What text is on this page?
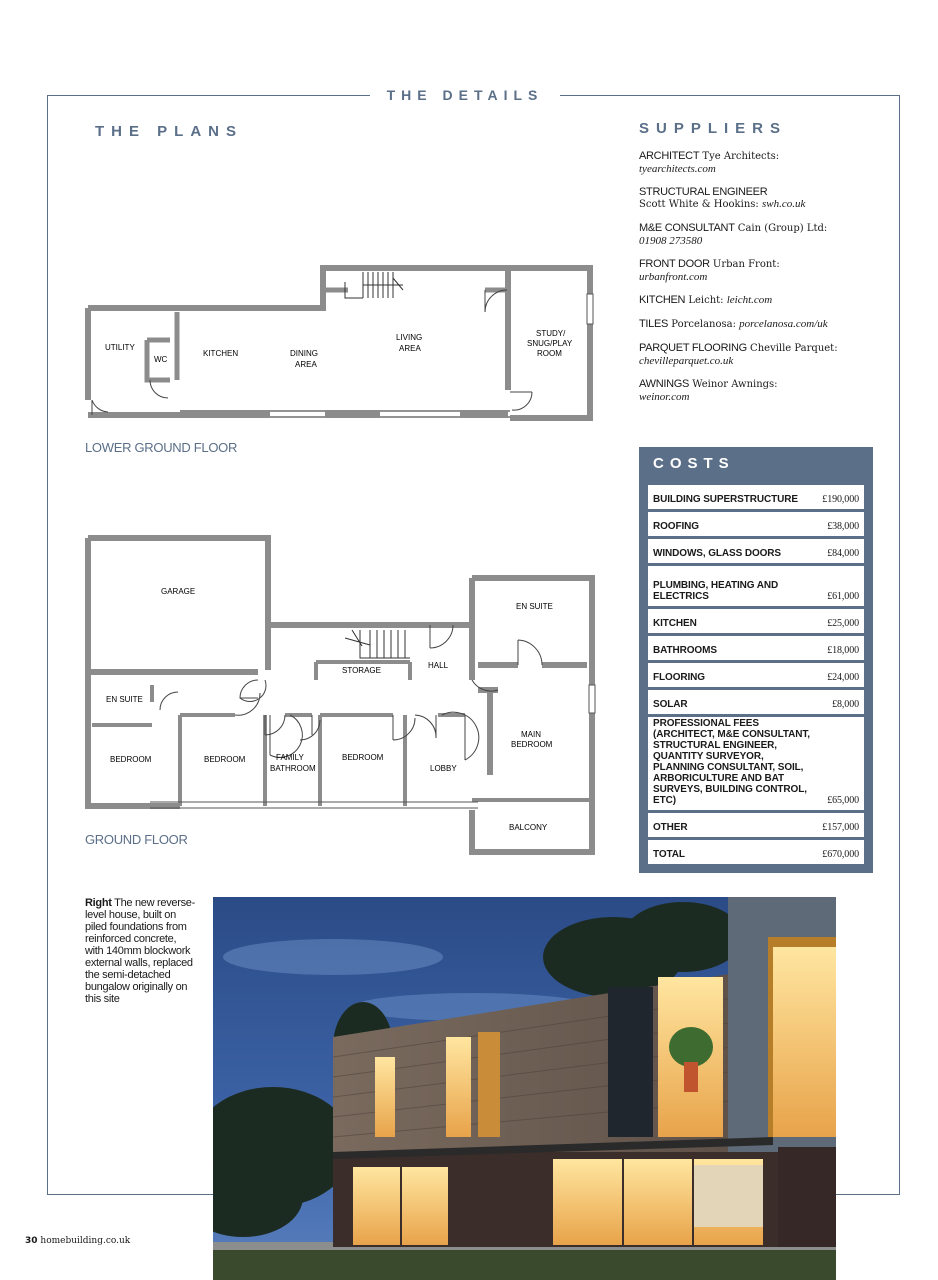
THE DETAILS
THE PLANS
UTILITY
WC
KITCHEN	DINING
AREA
LIVING
AREA
STUDY/
SNUG/PLAY
ROOM
LOWER GROUND FLOOR
GARAGE
EN SUITE
STORAGE
HALL
EN SUITE
BEDROOM	BEDROOM	FAMILY
BATHROOM
BEDROOM
LOBBY
MAIN
BEDROOM
BALCONY
GROUND FLOOR
SUPPLIERS
ARCHITECT Tye Architects:
tyearchitects.com
STRUCTURAL ENGINEER
Scott White & Hookins: swh.co.uk
M&E CONSULTANT Cain (Group) Ltd:
01908 273580
FRONT DOOR Urban Front:
urbanfront.com
KITCHEN Leicht: leicht.com
TILES Porcelanosa: porcelanosa.com/uk
PARQUET FLOORING Cheville Parquet:
chevilleparquet.co.uk
AWNINGS Weinor Awnings:
weinor.com
COSTS
BUILDING SUPERSTRUCTURE	£190,000
ROOFING	£38,000
WINDOWS, GLASS DOORS	£84,000
PLUMBING, HEATING AND ELECTRICS	£61,000
KITCHEN	£25,000
BATHROOMS	£18,000
FLOORING	£24,000
SOLAR	£8,000
PROFESSIONAL FEES (ARCHITECT, M&E CONSULTANT, STRUCTURAL ENGINEER, QUANTITY SURVEYOR, PLANNING CONSULTANT, SOIL, ARBORICULTURE AND BAT SURVEYS, BUILDING CONTROL, ETC)	£65,000
OTHER	£157,000
TOTAL	£670,000
Right The new reverse-level house, built on piled foundations from reinforced concrete, with 140mm blockwork external walls, replaced the semi-detached bungalow originally on this site
30 homebuilding.co.uk
